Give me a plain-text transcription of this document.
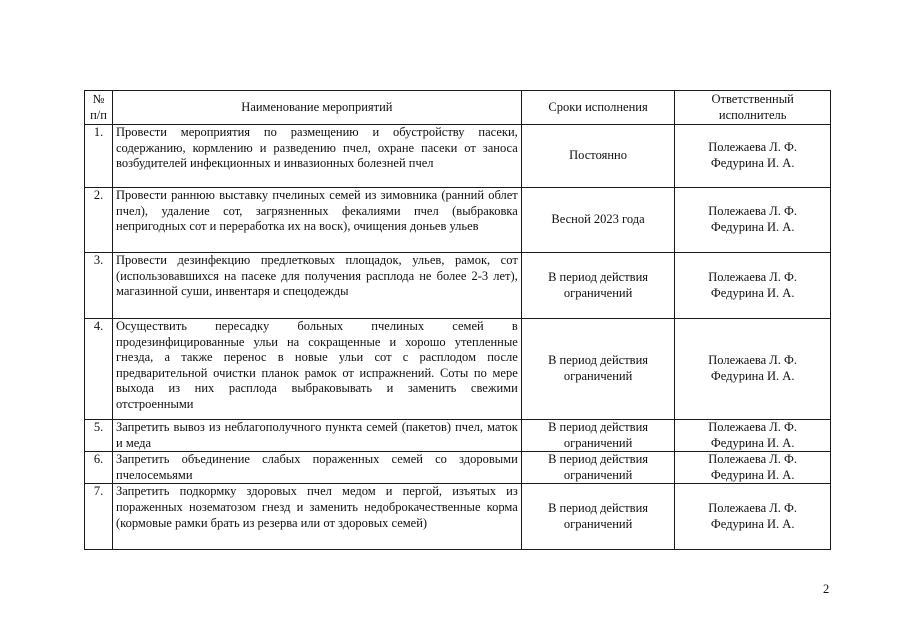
№ п/п	Наименование мероприятий	Сроки исполнения	Ответственный исполнитель
1.	Провести мероприятия по размещению и обустройству пасеки, содержанию, кормлению и разведению пчел, охране пасеки от заноса возбудителей инфекционных и инвазионных болезней пчел	Постоянно	Полежаева Л. Ф.
Федурина И. А.

2.	Провести раннюю выставку пчелиных семей из зимовника (ранний облет пчел), удаление сот, загрязненных фекалиями пчел (выбраковка непригодных сот и переработка их на воск), очищения доньев ульев	Весной 2023 года	Полежаева Л. Ф.
Федурина И. А.

3.	Провести дезинфекцию предлетковых площадок, ульев, рамок, сот (использовавшихся на пасеке для получения расплода не более 2-3 лет), магазинной суши, инвентаря и спецодежды	В период действия
ограничений	Полежаева Л. Ф.
Федурина И. А.

4.	Осуществить пересадку больных пчелиных семей в продезинфицированные ульи на сокращенные и хорошо утепленные гнезда, а также перенос в новые ульи сот с расплодом после предварительной очистки планок рамок от испражнений. Соты по мере выхода из них расплода выбраковывать и заменить свежими отстроенными	В период действия
ограничений	Полежаева Л. Ф.
Федурина И. А.

5.	Запретить вывоз из неблагополучного пункта семей (пакетов) пчел, маток и меда	В период действия
ограничений	Полежаева Л. Ф.
Федурина И. А.

6.	Запретить объединение слабых пораженных семей со здоровыми пчелосемьями	В период действия
ограничений	Полежаева Л. Ф.
Федурина И. А.

7.	Запретить подкормку здоровых пчел медом и пергой, изъятых из пораженных нозематозом гнезд и заменить недоброкачественные корма (кормовые рамки брать из резерва или от здоровых семей)	В период действия
ограничений	Полежаева Л. Ф.
Федурина И. А.
2
